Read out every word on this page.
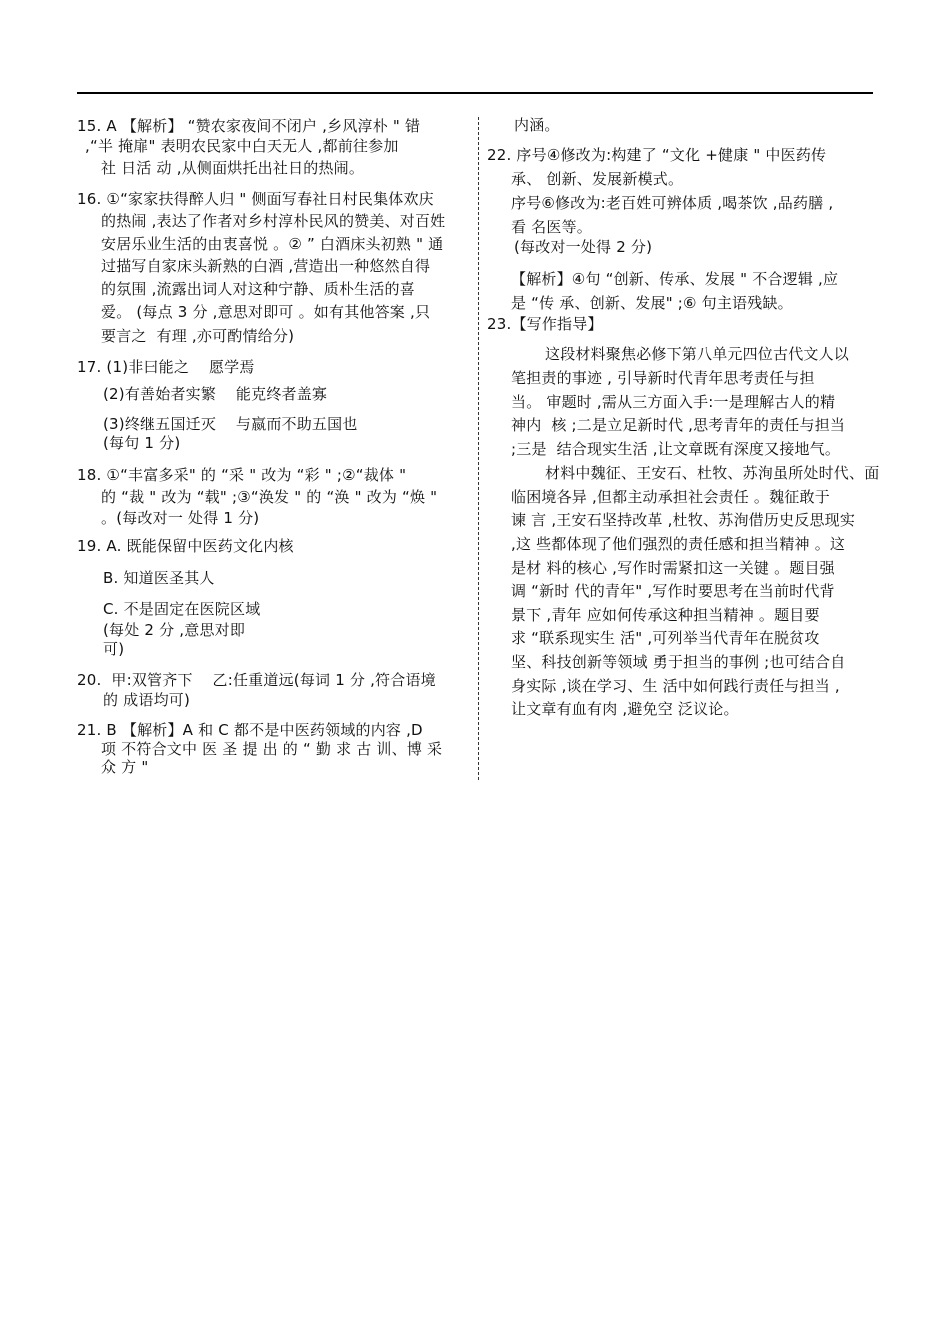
15. A 【解析】 “赞农家夜间不闭户 ,乡风淳朴 " 错
,“半 掩扉" 表明农民家中白天无人 ,都前往参加
社 日活 动 ,从侧面烘托出社日的热闹。
16. ①“家家扶得醉人归 " 侧面写春社日村民集体欢庆
的热闹 ,表达了作者对乡村淳朴民风的赞美、对百姓
安居乐业生活的由衷喜悦 。② ” 白酒床头初熟 " 通
过描写自家床头新熟的白酒 ,营造出一种悠然自得
的氛围 ,流露出词人对这种宁静、质朴生活的喜
爱。 (每点 3 分 ,意思对即可 。如有其他答案 ,只
要言之  有理 ,亦可酌情给分)
17. (1)非曰能之    愿学焉
(2)有善始者实繁    能克终者盖寡
(3)终继五国迁灭    与嬴而不助五国也
(每句 1 分)
18. ①“丰富多采" 的 “采 " 改为 “彩 " ;②“裁体 "
的 “裁 " 改为 “载" ;③“涣发 " 的 “涣 " 改为 “焕 "
。(每改对一 处得 1 分)
19. A. 既能保留中医药文化内核
B. 知道医圣其人
C. 不是固定在医院区域
(每处 2 分 ,意思对即
可)
20.  甲:双管齐下    乙:任重道远(每词 1 分 ,符合语境
的 成语均可)
21. B 【解析】A 和 C 都不是中医药领域的内容 ,D
项 不符合文中 医 圣 提 出 的 “ 勤 求 古 训、博 采
众 方 "
内涵。
22. 序号④修改为:构建了 “文化 +健康 " 中医药传
承、 创新、发展新模式。
序号⑥修改为:老百姓可辨体质 ,喝茶饮 ,品药膳 ,
看 名医等。
(每改对一处得 2 分)
【解析】④句 “创新、传承、发展 " 不合逻辑 ,应
是 “传 承、创新、发展" ;⑥ 句主语残缺。
23.【写作指导】
这段材料聚焦必修下第八单元四位古代文人以
笔担责的事迹 , 引导新时代青年思考责任与担
当。 审题时 ,需从三方面入手:一是理解古人的精
神内  核 ;二是立足新时代 ,思考青年的责任与担当
;三是  结合现实生活 ,让文章既有深度又接地气。
材料中魏征、王安石、杜牧、苏洵虽所处时代、面
临困境各异 ,但都主动承担社会责任 。魏征敢于
谏 言 ,王安石坚持改革 ,杜牧、苏洵借历史反思现实
,这 些都体现了他们强烈的责任感和担当精神 。这
是材 料的核心 ,写作时需紧扣这一关键 。题目强
调 “新时 代的青年" ,写作时要思考在当前时代背
景下 ,青年 应如何传承这种担当精神 。题目要
求 “联系现实生 活" ,可列举当代青年在脱贫攻
坚、科技创新等领域 勇于担当的事例 ;也可结合自
身实际 ,谈在学习、生 活中如何践行责任与担当 ,
让文章有血有肉 ,避免空 泛议论。
